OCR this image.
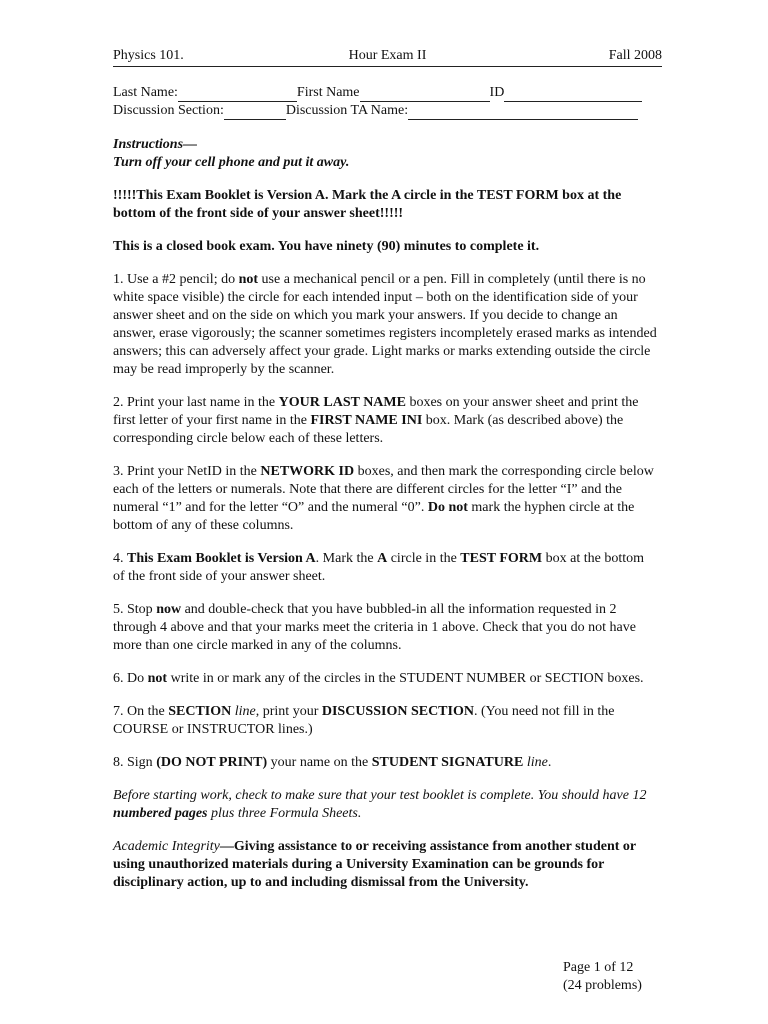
Physics 101.	Hour Exam II	Fall 2008
Last Name:	First Name	ID
Discussion Section:	Discussion TA Name:

Instructions—

Turn off your cell phone and put it away.

!!!!!This Exam Booklet is Version A. Mark the A circle in the TEST FORM box at the bottom of the front side of your answer sheet!!!!!

This is a closed book exam. You have ninety (90) minutes to complete it.

1. Use a #2 pencil; do not use a mechanical pencil or a pen. Fill in completely (until there is no white space visible) the circle for each intended input – both on the identification side of your answer sheet and on the side on which you mark your answers. If you decide to change an answer, erase vigorously; the scanner sometimes registers incompletely erased marks as intended answers; this can adversely affect your grade. Light marks or marks extending outside the circle may be read improperly by the scanner.

2. Print your last name in the YOUR LAST NAME boxes on your answer sheet and print the first letter of your first name in the FIRST NAME INI box. Mark (as described above) the corresponding circle below each of these letters.

3. Print your NetID in the NETWORK ID boxes, and then mark the corresponding circle below each of the letters or numerals. Note that there are different circles for the letter “I” and the numeral “1” and for the letter “O” and the numeral “0”. Do not mark the hyphen circle at the bottom of any of these columns.

4. This Exam Booklet is Version A. Mark the A circle in the TEST FORM box at the bottom of the front side of your answer sheet.

5. Stop now and double-check that you have bubbled-in all the information requested in 2 through 4 above and that your marks meet the criteria in 1 above. Check that you do not have more than one circle marked in any of the columns.

6. Do not write in or mark any of the circles in the STUDENT NUMBER or SECTION boxes.

7. On the SECTION line, print your DISCUSSION SECTION. (You need not fill in the COURSE or INSTRUCTOR lines.)

8. Sign (DO NOT PRINT) your name on the STUDENT SIGNATURE line.

Before starting work, check to make sure that your test booklet is complete. You should have 12 numbered pages plus three Formula Sheets.

Academic Integrity—Giving assistance to or receiving assistance from another student or using unauthorized materials during a University Examination can be grounds for disciplinary action, up to and including dismissal from the University.

Page 1 of 12
(24 problems)
